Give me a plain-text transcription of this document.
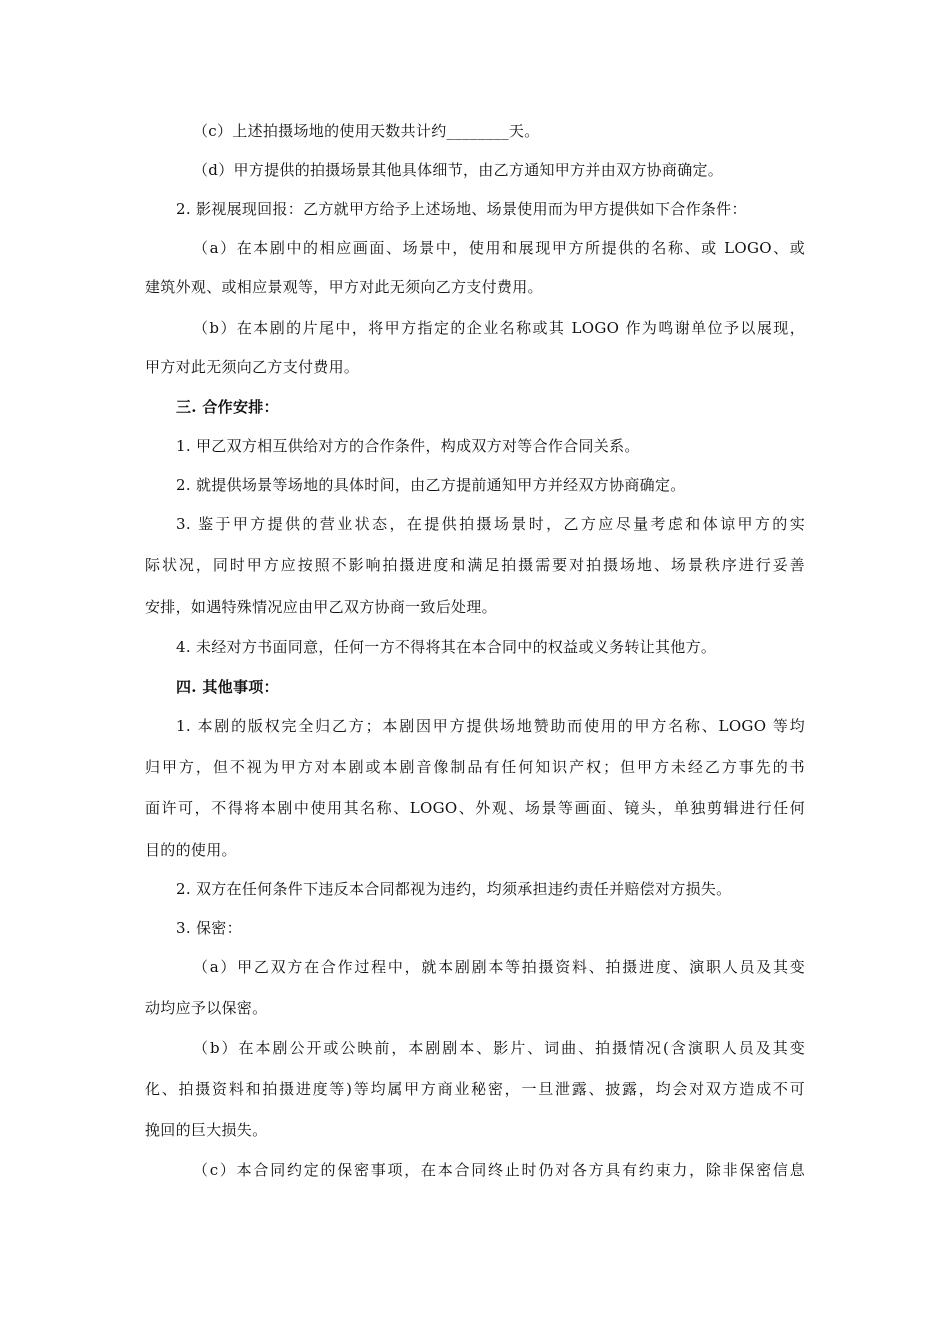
（c）上述拍摄场地的使用天数共计约________天。
（d）甲方提供的拍摄场景其他具体细节，由乙方通知甲方并由双方协商确定。
2. 影视展现回报：乙方就甲方给予上述场地、场景使用而为甲方提供如下合作条件：
（a）在本剧中的相应画面、场景中，使用和展现甲方所提供的名称、或 LOGO、或
建筑外观、或相应景观等，甲方对此无须向乙方支付费用。
（b）在本剧的片尾中，将甲方指定的企业名称或其 LOGO 作为鸣谢单位予以展现，
甲方对此无须向乙方支付费用。
三. 合作安排：
1. 甲乙双方相互供给对方的合作条件，构成双方对等合作合同关系。
2. 就提供场景等场地的具体时间，由乙方提前通知甲方并经双方协商确定。
3. 鉴于甲方提供的营业状态，在提供拍摄场景时，乙方应尽量考虑和体谅甲方的实
际状况，同时甲方应按照不影响拍摄进度和满足拍摄需要对拍摄场地、场景秩序进行妥善
安排，如遇特殊情况应由甲乙双方协商一致后处理。
4. 未经对方书面同意，任何一方不得将其在本合同中的权益或义务转让其他方。
四. 其他事项：
1. 本剧的版权完全归乙方；本剧因甲方提供场地赞助而使用的甲方名称、LOGO 等均
归甲方，但不视为甲方对本剧或本剧音像制品有任何知识产权；但甲方未经乙方事先的书
面许可，不得将本剧中使用其名称、LOGO、外观、场景等画面、镜头，单独剪辑进行任何
目的的使用。
2. 双方在任何条件下违反本合同都视为违约，均须承担违约责任并赔偿对方损失。
3. 保密：
（a）甲乙双方在合作过程中，就本剧剧本等拍摄资料、拍摄进度、演职人员及其变
动均应予以保密。
（b）在本剧公开或公映前，本剧剧本、影片、词曲、拍摄情况(含演职人员及其变
化、拍摄资料和拍摄进度等)等均属甲方商业秘密，一旦泄露、披露，均会对双方造成不可
挽回的巨大损失。
（c）本合同约定的保密事项，在本合同终止时仍对各方具有约束力，除非保密信息
